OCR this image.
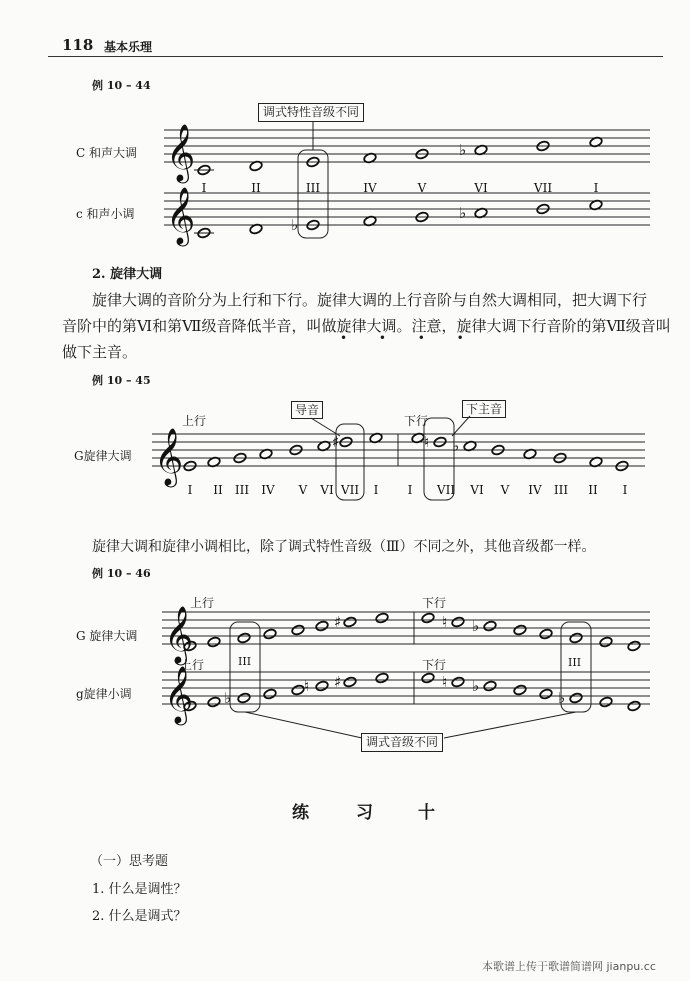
118 基本乐理
例 10 – 44
C 和声大调
c 和声小调
调式特性音级不同
2. 旋律大调
旋律大调的音阶分为上行和下行。旋律大调的上行音阶与自然大调相同，把大调下行
音阶中的第Ⅵ和第Ⅶ级音降低半音，叫做旋律大调。注意，旋律大调下行音阶的第Ⅶ级音叫
做下主音。
• • • •
例 10 – 45
上行	下行
G旋律大调
导音	下主音
旋律大调和旋律小调相比，除了调式特性音级（Ⅲ）不同之外，其他音级都一样。
例 10 – 46
上行	下行
G 旋律大调
上行	下行
g旋律小调
III	III
调式音级不同
练	习	十
（一）思考题
1. 什么是调性？
2. 什么是调式？
本歌谱上传于歌谱简谱网 jianpu.cc
𝄞
𝄞
♭
♭
♭
I	II	III	IV	V	VI	VII	I
𝄞	♯	♮ ♭
I II III IV V VI VII I I VII VI V IV III II I
𝄞
𝄞
♯	♮ ♭
♭
♮ ♯	♮ ♭
♭
